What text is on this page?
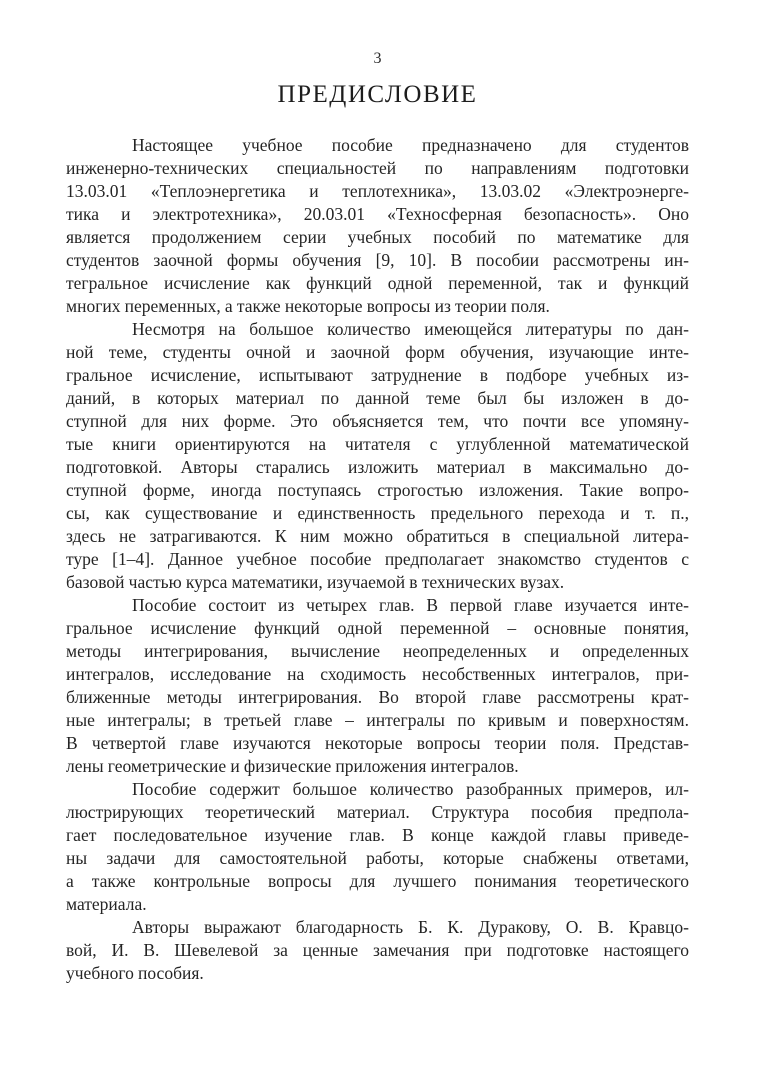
3
ПРЕДИСЛОВИЕ
Настоящее учебное пособие предназначено для студентов
инженерно-технических специальностей по направлениям подготовки
13.03.01 «Теплоэнергетика и теплотехника», 13.03.02 «Электроэнерге-
тика и электротехника», 20.03.01 «Техносферная безопасность». Оно
является продолжением серии учебных пособий по математике для
студентов заочной формы обучения [9, 10]. В пособии рассмотрены ин-
тегральное исчисление как функций одной переменной, так и функций
многих переменных, а также некоторые вопросы из теории поля.
Несмотря на большое количество имеющейся литературы по дан-
ной теме, студенты очной и заочной форм обучения, изучающие инте-
гральное исчисление, испытывают затруднение в подборе учебных из-
даний, в которых материал по данной теме был бы изложен в до-
ступной для них форме. Это объясняется тем, что почти все упомяну-
тые книги ориентируются на читателя с углубленной математической
подготовкой. Авторы старались изложить материал в максимально до-
ступной форме, иногда поступаясь строгостью изложения. Такие вопро-
сы, как существование и единственность предельного перехода и т. п.,
здесь не затрагиваются. К ним можно обратиться в специальной литера-
туре [1–4]. Данное учебное пособие предполагает знакомство студентов с
базовой частью курса математики, изучаемой в технических вузах.
Пособие состоит из четырех глав. В первой главе изучается инте-
гральное исчисление функций одной переменной – основные понятия,
методы интегрирования, вычисление неопределенных и определенных
интегралов, исследование на сходимость несобственных интегралов, при-
ближенные методы интегрирования. Во второй главе рассмотрены крат-
ные интегралы; в третьей главе – интегралы по кривым и поверхностям.
В четвертой главе изучаются некоторые вопросы теории поля. Представ-
лены геометрические и физические приложения интегралов.
Пособие содержит большое количество разобранных примеров, ил-
люстрирующих теоретический материал. Структура пособия предпола-
гает последовательное изучение глав. В конце каждой главы приведе-
ны задачи для самостоятельной работы, которые снабжены ответами,
а также контрольные вопросы для лучшего понимания теоретического
материала.
Авторы выражают благодарность Б. К. Дуракову, О. В. Кравцо-
вой, И. В. Шевелевой за ценные замечания при подготовке настоящего
учебного пособия.
